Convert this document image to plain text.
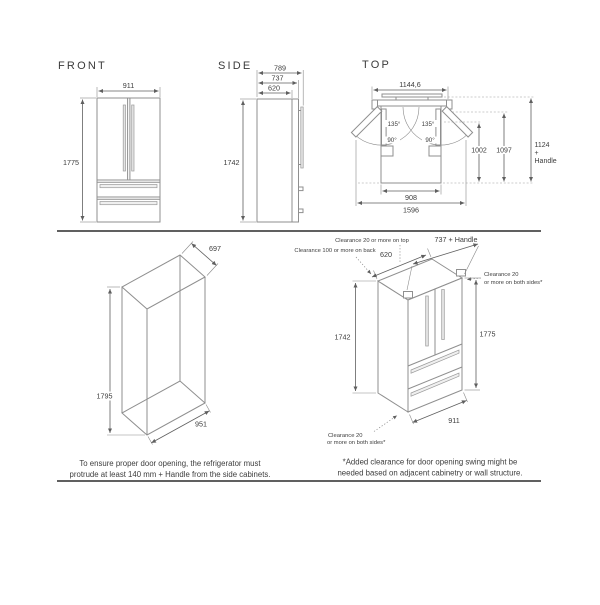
FRONT
911
1775
SIDE	789
737
620
1742
TOP
1144,6
135°	135°
90°	90°
1002 1097
1124
+
Handle
908
1596
697
1795
951
To ensure proper door opening, the refrigerator must
protrude at least 140 mm + Handle from the side cabinets.
Clearance 20 or more on top
Clearance 100 or more on back
737 + Handle
620
Clearance 20
or more on both sides*
1775
1742
911
Clearance 20
or more on both sides*
*Added clearance for door opening swing might be
needed based on adjacent cabinetry or wall structure.
